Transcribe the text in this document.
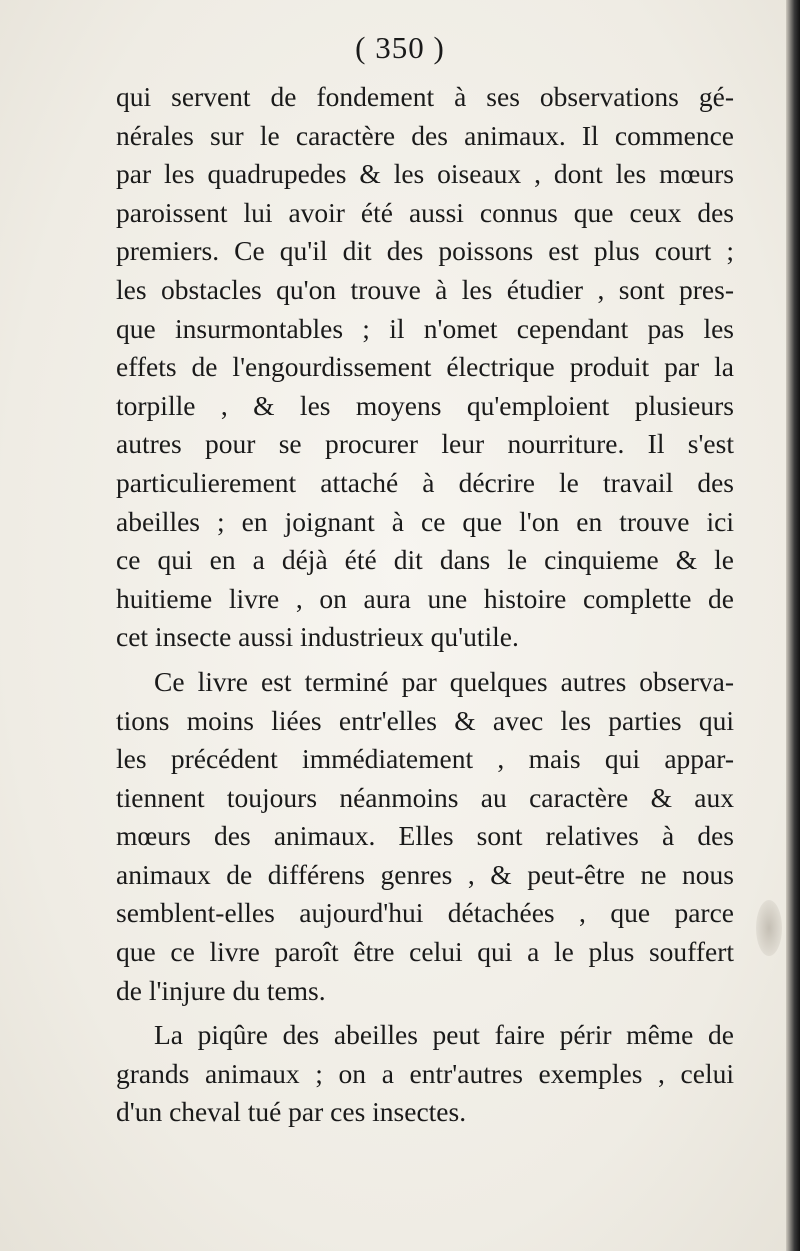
( 350 )
qui servent de fondement à ses observations gé-
nérales sur le caractère des animaux. Il commence
par les quadrupedes & les oiseaux , dont les mœurs
paroissent lui avoir été aussi connus que ceux des
premiers. Ce qu'il dit des poissons est plus court ;
les obstacles qu'on trouve à les étudier , sont pres-
que insurmontables ; il n'omet cependant pas les
effets de l'engourdissement électrique produit par la
torpille , & les moyens qu'emploient plusieurs
autres pour se procurer leur nourriture. Il s'est
particulierement attaché à décrire le travail des
abeilles ; en joignant à ce que l'on en trouve ici
ce qui en a déjà été dit dans le cinquieme & le
huitieme livre , on aura une histoire complette de
cet insecte aussi industrieux qu'utile.
Ce livre est terminé par quelques autres observa-
tions moins liées entr'elles & avec les parties qui
les précédent immédiatement , mais qui appar-
tiennent toujours néanmoins au caractère & aux
mœurs des animaux. Elles sont relatives à des
animaux de différens genres , & peut-être ne nous
semblent-elles aujourd'hui détachées , que parce
que ce livre paroît être celui qui a le plus souffert
de l'injure du tems.
La piqûre des abeilles peut faire périr même de
grands animaux ; on a entr'autres exemples , celui
d'un cheval tué par ces insectes.
